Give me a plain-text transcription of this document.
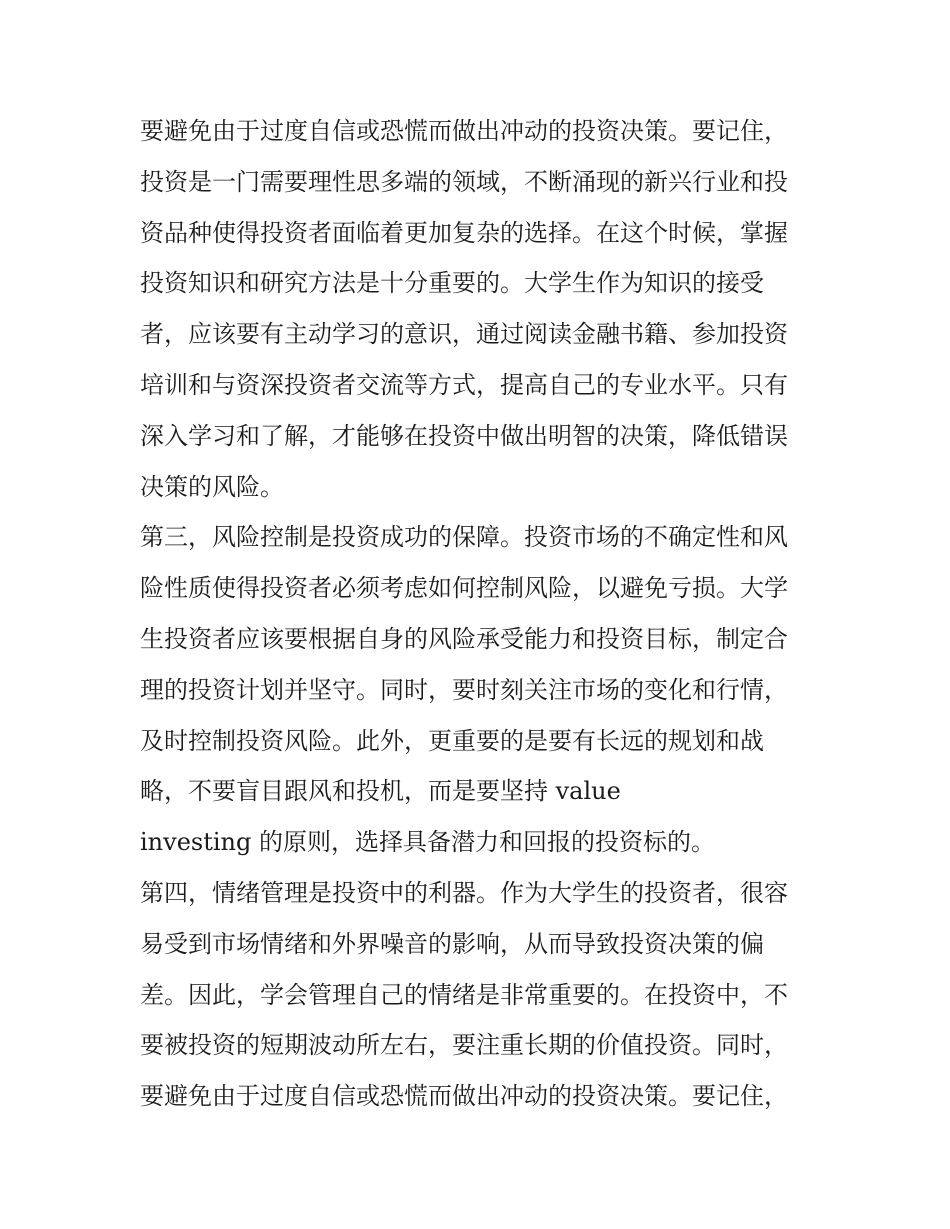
要避免由于过度自信或恐慌而做出冲动的投资决策。要记住，
投资是一门需要理性思多端的领域，不断涌现的新兴行业和投
资品种使得投资者面临着更加复杂的选择。在这个时候，掌握
投资知识和研究方法是十分重要的。大学生作为知识的接受
者，应该要有主动学习的意识，通过阅读金融书籍、参加投资
培训和与资深投资者交流等方式，提高自己的专业水平。只有
深入学习和了解，才能够在投资中做出明智的决策，降低错误
决策的风险。
第三，风险控制是投资成功的保障。投资市场的不确定性和风
险性质使得投资者必须考虑如何控制风险，以避免亏损。大学
生投资者应该要根据自身的风险承受能力和投资目标，制定合
理的投资计划并坚守。同时，要时刻关注市场的变化和行情，
及时控制投资风险。此外，更重要的是要有长远的规划和战
略，不要盲目跟风和投机，而是要坚持 value
investing 的原则，选择具备潜力和回报的投资标的。
第四，情绪管理是投资中的利器。作为大学生的投资者，很容
易受到市场情绪和外界噪音的影响，从而导致投资决策的偏
差。因此，学会管理自己的情绪是非常重要的。在投资中，不
要被投资的短期波动所左右，要注重长期的价值投资。同时，
要避免由于过度自信或恐慌而做出冲动的投资决策。要记住，
